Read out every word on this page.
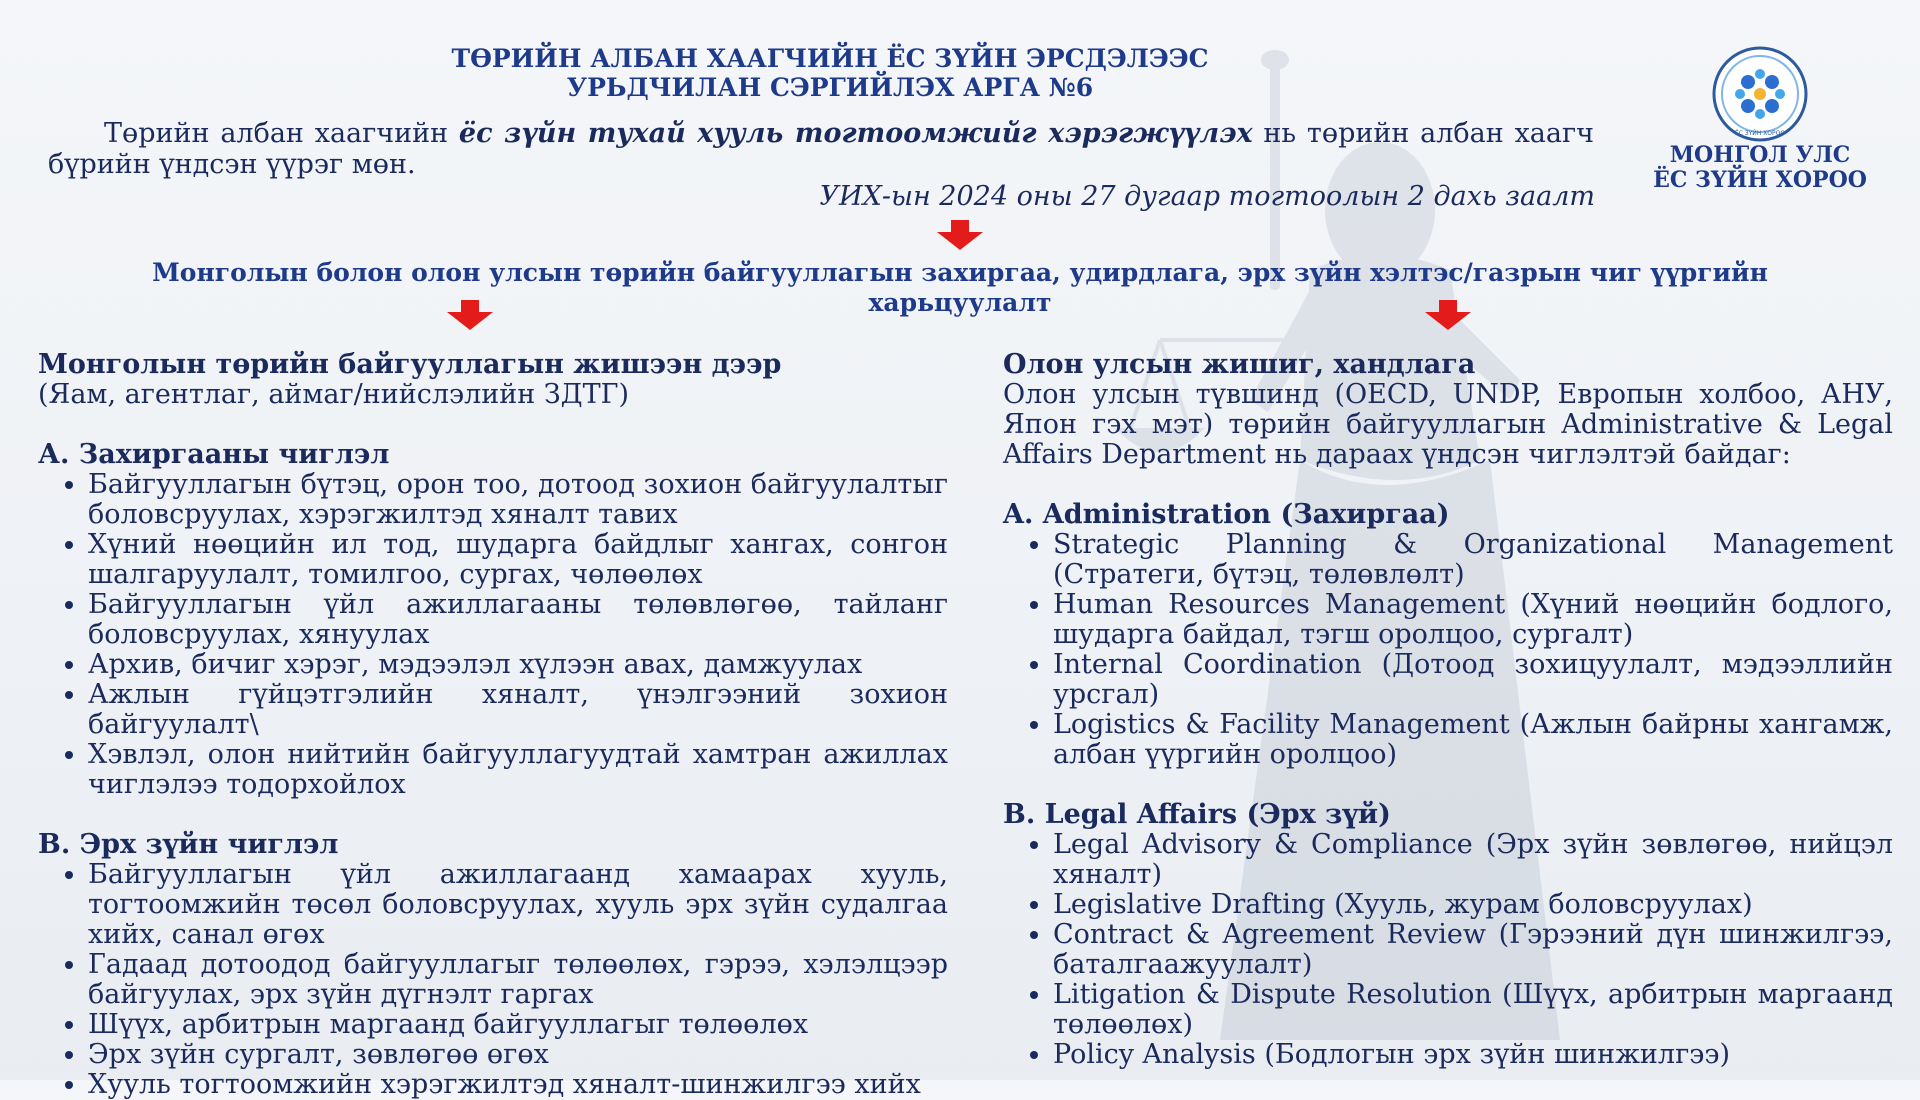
ТӨРИЙН АЛБАН ХААГЧИЙН ЁС ЗҮЙН ЭРСДЭЛЭЭС
УРЬДЧИЛАН СЭРГИЙЛЭХ АРГА №6
Төрийн албан хаагчийн ёс зүйн тухай хууль тогтоомжийг хэрэгжүүлэх нь төрийн албан хаагч бүрийн үндсэн үүрэг мөн.
УИХ-ын 2024 оны 27 дугаар тогтоолын 2 дахь заалт
Монголын болон олон улсын төрийн байгууллагын захиргаа, удирдлага, эрх зүйн хэлтэс/газрын чиг үүргийн харьцуулалт
ЁС ЗҮЙН ХОРОО
МОНГОЛ УЛС
ЁС ЗҮЙН ХОРОО
Монголын төрийн байгууллагын жишээн дээр

(Яам, агентлаг, аймаг/нийслэлийн ЗДТГ)

А. Захиргааны чиглэл
• Байгууллагын бүтэц, орон тоо, дотоод зохион байгуулалтыг боловсруулах, хэрэгжилтэд хяналт тавих
• Хүний нөөцийн ил тод, шударга байдлыг хангах, сонгон шалгаруулалт, томилгоо, сургах, чөлөөлөх
• Байгууллагын үйл ажиллагааны төлөвлөгөө, тайланг боловсруулах, хянуулах
• Архив, бичиг хэрэг, мэдээлэл хүлээн авах, дамжуулах
• Ажлын гүйцэтгэлийн хяналт, үнэлгээний зохион байгуулалт\
• Хэвлэл, олон нийтийн байгууллагуудтай хамтран ажиллах чиглэлээ тодорхойлох
В. Эрх зүйн чиглэл
• Байгууллагын үйл ажиллагаанд хамаарах хууль, тогтоомжийн төсөл боловсруулах, хууль эрх зүйн судалгаа хийх, санал өгөх
• Гадаад дотоодод байгууллагыг төлөөлөх, гэрээ, хэлэлцээр байгуулах, эрх зүйн дүгнэлт гаргах
• Шүүх, арбитрын маргаанд байгууллагыг төлөөлөх
• Эрх зүйн сургалт, зөвлөгөө өгөх
• Хууль тогтоомжийн хэрэгжилтэд хяналт-шинжилгээ хийх
Олон улсын жишиг, хандлага

Олон улсын түвшинд (OECD, UNDP, Европын холбоо, АНУ, Япон гэх мэт) төрийн байгууллагын Administrative & Legal Affairs Department нь дараах үндсэн чиглэлтэй байдаг:

A. Administration (Захиргаа)
• Strategic Planning & Organizational Management (Стратеги, бүтэц, төлөвлөлт)
• Human Resources Management (Хүний нөөцийн бодлого, шударга байдал, тэгш оролцоо, сургалт)
• Internal Coordination (Дотоод зохицуулалт, мэдээллийн урсгал)
• Logistics & Facility Management (Ажлын байрны хангамж, албан үүргийн оролцоо)
B. Legal Affairs (Эрх зүй)
• Legal Advisory & Compliance (Эрх зүйн зөвлөгөө, нийцэл хяналт)
• Legislative Drafting (Хууль, журам боловсруулах)
• Contract & Agreement Review (Гэрээний дүн шинжилгээ, баталгаажуулалт)
• Litigation & Dispute Resolution (Шүүх, арбитрын маргаанд төлөөлөх)
• Policy Analysis (Бодлогын эрх зүйн шинжилгээ)
